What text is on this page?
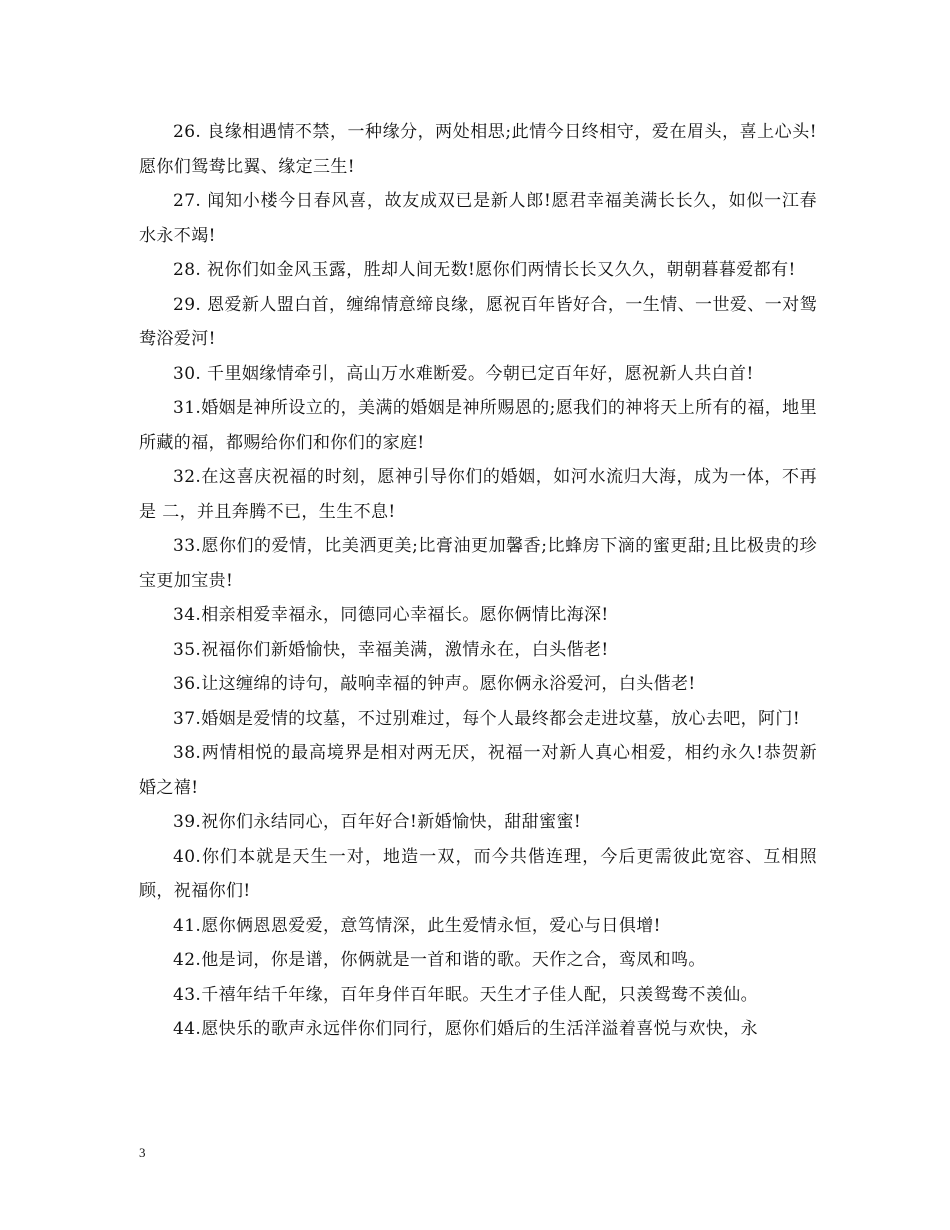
26. 良缘相遇情不禁，一种缘分，两处相思;此情今日终相守，爱在眉头，喜上心头!愿你们鸳鸯比翼、缘定三生!

27. 闻知小楼今日春风喜，故友成双已是新人郎!愿君幸福美满长长久，如似一江春水永不竭!

28. 祝你们如金风玉露，胜却人间无数!愿你们两情长长又久久，朝朝暮暮爱都有!

29. 恩爱新人盟白首，缠绵情意缔良缘，愿祝百年皆好合，一生情、一世爱、一对鸳鸯浴爱河!

30. 千里姻缘情牵引，高山万水难断爱。今朝已定百年好，愿祝新人共白首!

31.婚姻是神所设立的，美满的婚姻是神所赐恩的;愿我们的神将天上所有的福，地里所藏的福，都赐给你们和你们的家庭!

32.在这喜庆祝福的时刻，愿神引导你们的婚姻，如河水流归大海，成为一体，不再是 二，并且奔腾不已，生生不息!

33.愿你们的爱情，比美洒更美;比膏油更加馨香;比蜂房下滴的蜜更甜;且比极贵的珍宝更加宝贵!

34.相亲相爱幸福永，同德同心幸福长。愿你俩情比海深!

35.祝福你们新婚愉快，幸福美满，激情永在，白头偕老!

36.让这缠绵的诗句，敲响幸福的钟声。愿你俩永浴爱河，白头偕老!

37.婚姻是爱情的坟墓，不过别难过，每个人最终都会走进坟墓，放心去吧，阿门!

38.两情相悦的最高境界是相对两无厌，祝福一对新人真心相爱，相约永久!恭贺新婚之禧!

39.祝你们永结同心，百年好合!新婚愉快，甜甜蜜蜜!

40.你们本就是天生一对，地造一双，而今共偕连理，今后更需彼此宽容、互相照顾，祝福你们!

41.愿你俩恩恩爱爱，意笃情深，此生爱情永恒，爱心与日俱增!

42.他是词，你是谱，你俩就是一首和谐的歌。天作之合，鸾凤和鸣。

43.千禧年结千年缘，百年身伴百年眠。天生才子佳人配，只羡鸳鸯不羡仙。

44.愿快乐的歌声永远伴你们同行，愿你们婚后的生活洋溢着喜悦与欢快，永

3
